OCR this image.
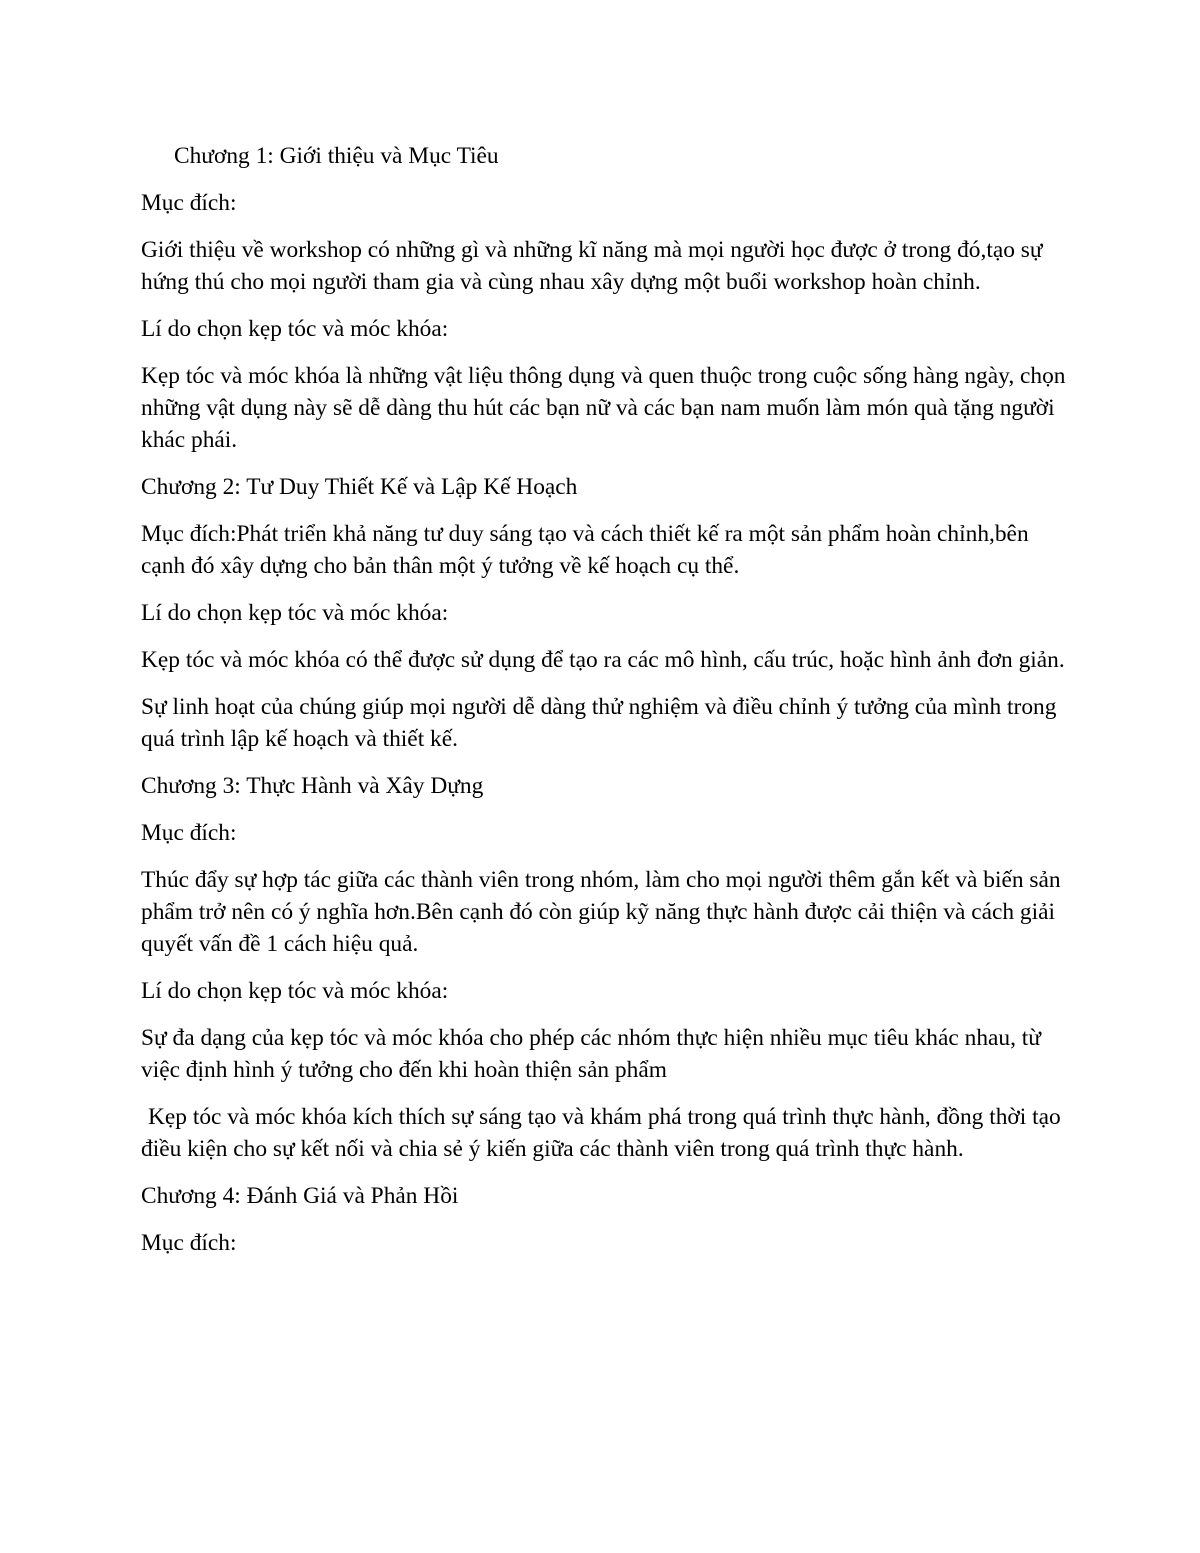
Chương 1: Giới thiệu và Mục Tiêu

Mục đích:

Giới thiệu về workshop có những gì và những kĩ năng mà mọi người học được ở trong đó,tạo sự hứng thú cho mọi người tham gia và cùng nhau xây dựng một buổi workshop hoàn chỉnh.

Lí do chọn kẹp tóc và móc khóa:

Kẹp tóc và móc khóa là những vật liệu thông dụng và quen thuộc trong cuộc sống hàng ngày, chọn những vật dụng này sẽ dễ dàng thu hút các bạn nữ và các bạn nam muốn làm món quà tặng người khác phái.

Chương 2: Tư Duy Thiết Kế và Lập Kế Hoạch

Mục đích:Phát triển khả năng tư duy sáng tạo và cách thiết kế ra một sản phẩm hoàn chỉnh,bên cạnh đó xây dựng cho bản thân một ý tưởng về kế hoạch cụ thể.

Lí do chọn kẹp tóc và móc khóa:

Kẹp tóc và móc khóa có thể được sử dụng để tạo ra các mô hình, cấu trúc, hoặc hình ảnh đơn giản.

Sự linh hoạt của chúng giúp mọi người dễ dàng thử nghiệm và điều chỉnh ý tưởng của mình trong quá trình lập kế hoạch và thiết kế.

Chương 3: Thực Hành và Xây Dựng

Mục đích:

Thúc đẩy sự hợp tác giữa các thành viên trong nhóm, làm cho mọi người thêm gắn kết và biến sản phẩm trở nên có ý nghĩa hơn.Bên cạnh đó còn giúp kỹ năng thực hành được cải thiện và cách giải quyết vấn đề 1 cách hiệu quả.

Lí do chọn kẹp tóc và móc khóa:

Sự đa dạng của kẹp tóc và móc khóa cho phép các nhóm thực hiện nhiều mục tiêu khác nhau, từ việc định hình ý tưởng cho đến khi hoàn thiện sản phẩm

Kẹp tóc và móc khóa kích thích sự sáng tạo và khám phá trong quá trình thực hành, đồng thời tạo điều kiện cho sự kết nối và chia sẻ ý kiến giữa các thành viên trong quá trình thực hành.

Chương 4: Đánh Giá và Phản Hồi

Mục đích:
